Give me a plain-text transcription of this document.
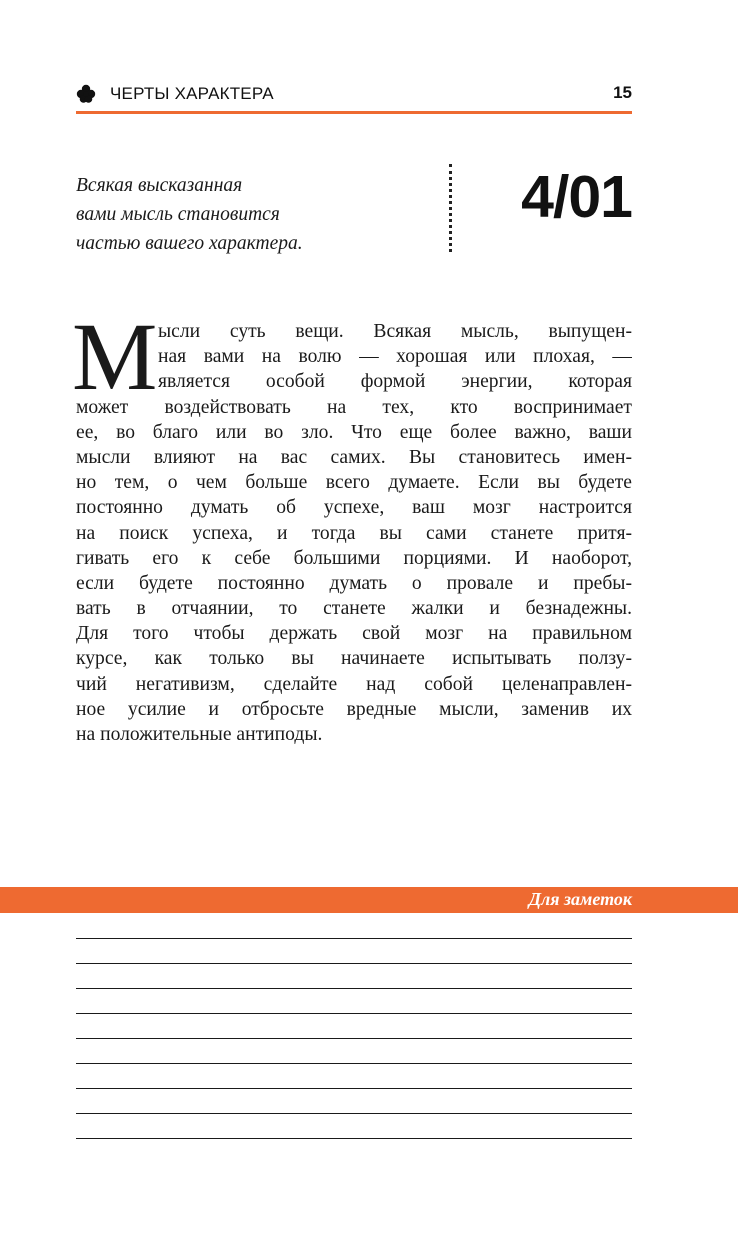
ЧЕРТЫ ХАРАКТЕРА	15
Всякая высказанная
вами мысль становится
частью вашего характера.
4/01
М ысли суть вещи. Всякая мысль, выпущен-
ная вами на волю — хорошая или плохая, —
является особой формой энергии, которая
может воздействовать на тех, кто воспринимает
ее, во благо или во зло. Что еще более важно, ваши
мысли влияют на вас самих. Вы становитесь имен-
но тем, о чем больше всего думаете. Если вы будете
постоянно думать об успехе, ваш мозг настроится
на поиск успеха, и тогда вы сами станете притя-
гивать его к себе большими порциями. И наоборот,
если будете постоянно думать о провале и пребы-
вать в отчаянии, то станете жалки и безнадежны.
Для того чтобы держать свой мозг на правильном
курсе, как только вы начинаете испытывать ползу-
чий негативизм, сделайте над собой целенаправлен-
ное усилие и отбросьте вредные мысли, заменив их
на положительные антиподы.
Для заметок
